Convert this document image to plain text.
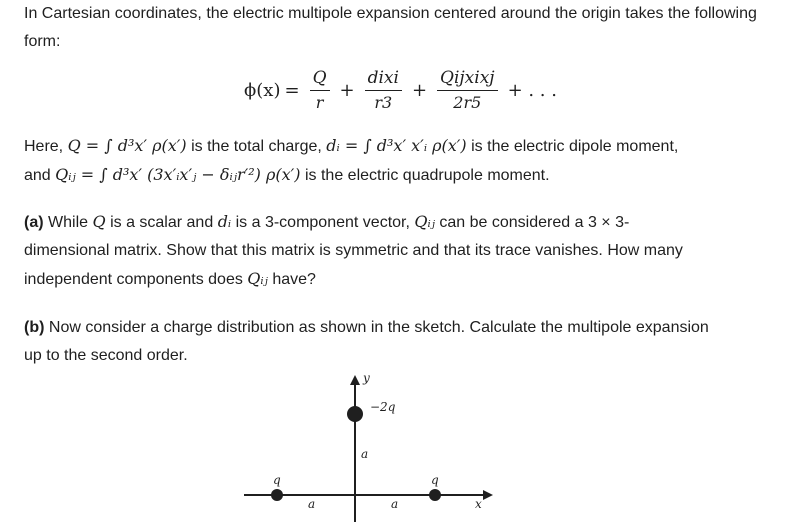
In Cartesian coordinates, the electric multipole expansion centered around the origin takes the following form:

$\phi(x) = \frac{Q}{r} + \frac{\text{dixi}}{r3} + \frac{\text{Qijxixj}}{2r5}$ + . . .

Here, Q = ∫ d³x′ ρ(x′) is the total charge, dᵢ = ∫ d³x′ x′ᵢ ρ(x′) is the electric dipole moment,
and Qᵢⱼ = ∫ d³x′ (3x′ᵢx′ⱼ − δᵢⱼr′²) ρ(x′) is the electric quadrupole moment.

(a) While Q is a scalar and dᵢ is a 3-component vector, Qᵢⱼ can be considered a 3 × 3-
dimensional matrix. Show that this matrix is symmetric and that its trace vanishes. How many
independent components does Qᵢⱼ have?

(b) Now consider a charge distribution as shown in the sketch. Calculate the multipole expansion
up to the second order.

y
x
−2q
q	q
a
a	a
